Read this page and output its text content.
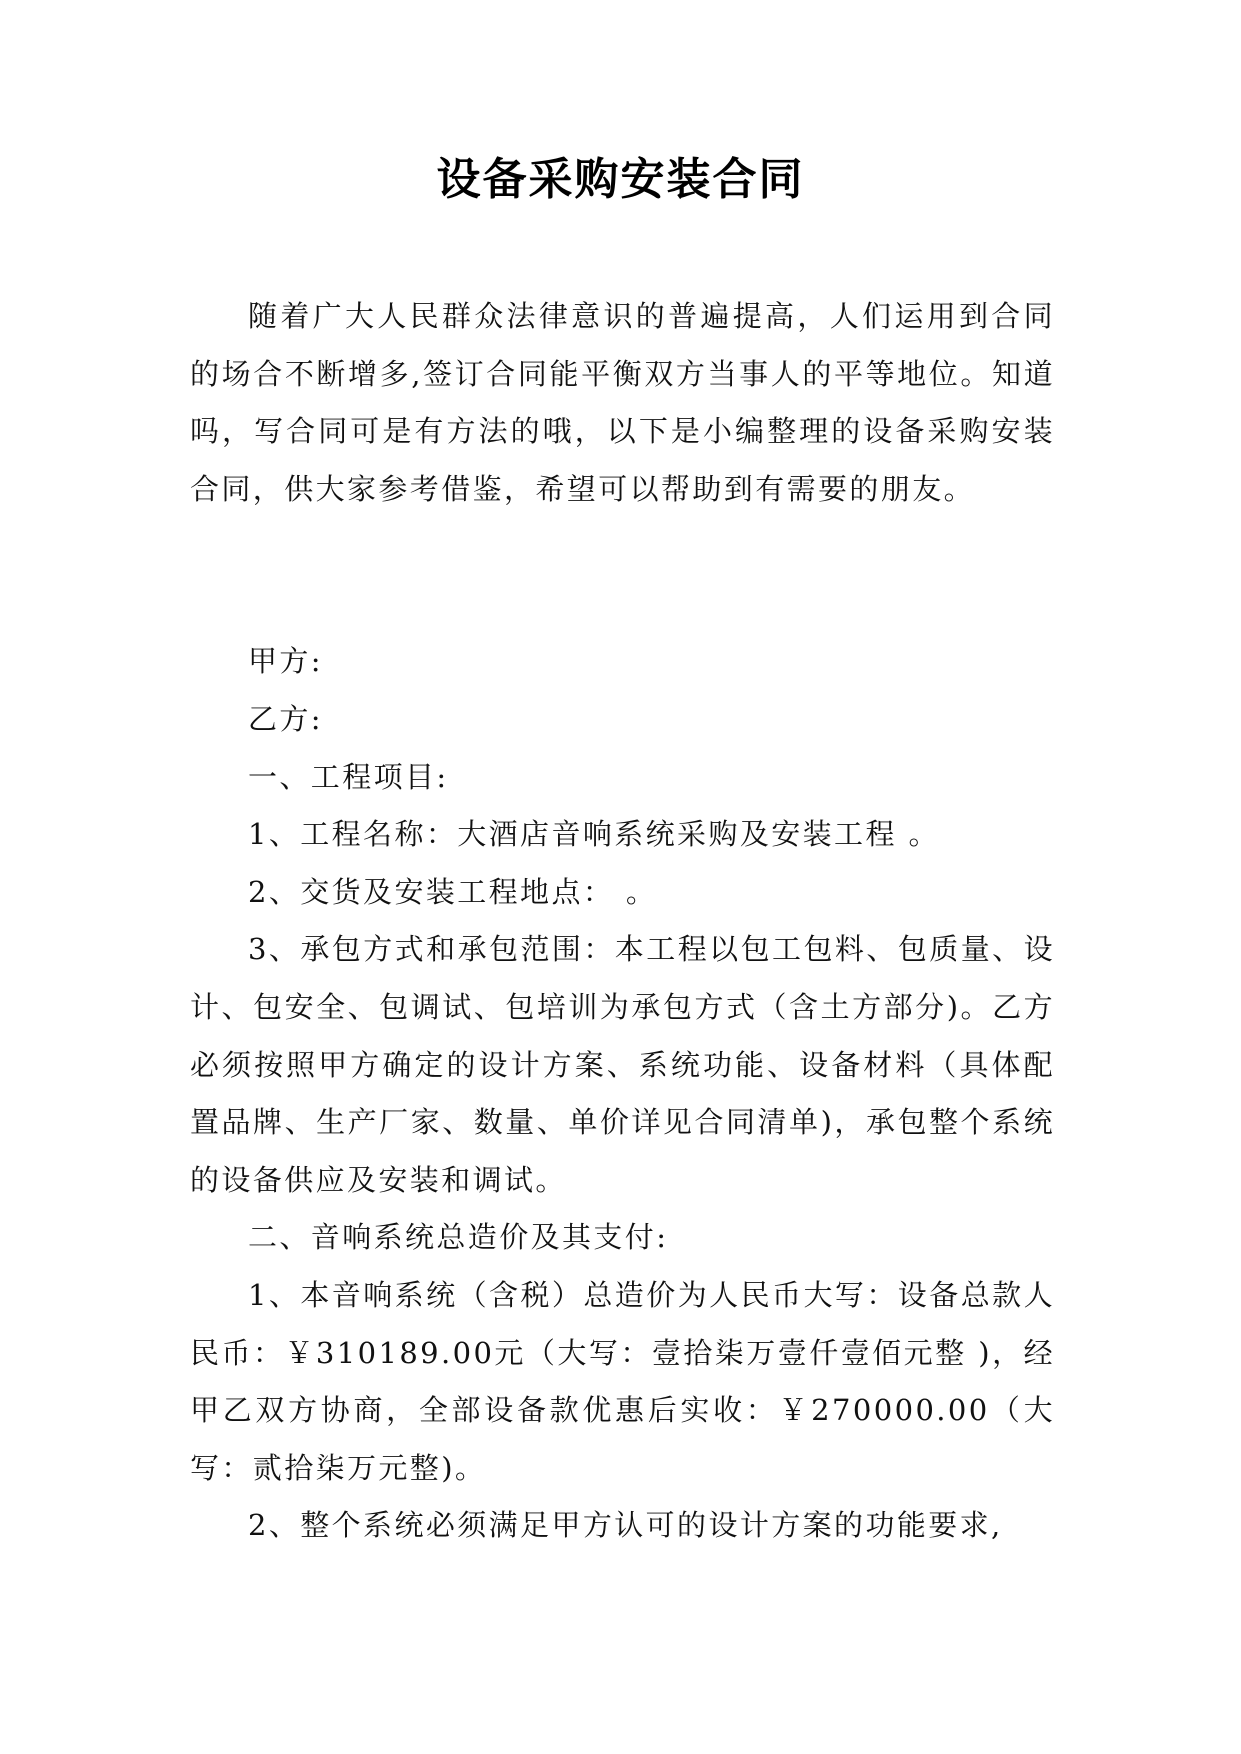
设备采购安装合同

随着广大人民群众法律意识的普遍提高，人们运用到合同的场合不断增多,签订合同能平衡双方当事人的平等地位。知道吗，写合同可是有方法的哦，以下是小编整理的设备采购安装合同，供大家参考借鉴，希望可以帮助到有需要的朋友。

甲方:

乙方:

一、工程项目:

1、工程名称：大酒店音响系统采购及安装工程 。

2、交货及安装工程地点： 。

3、承包方式和承包范围：本工程以包工包料、包质量、设计、包安全、包调试、包培训为承包方式（含土方部分)。乙方必须按照甲方确定的设计方案、系统功能、设备材料（具体配置品牌、生产厂家、数量、单价详见合同清单)，承包整个系统的设备供应及安装和调试。

二、音响系统总造价及其支付:

1、本音响系统（含税）总造价为人民币大写：设备总款人民币：￥310189.00元（大写：壹拾柒万壹仟壹佰元整 )，经甲乙双方协商，全部设备款优惠后实收：￥270000.00（大写：贰拾柒万元整)。

2、整个系统必须满足甲方认可的设计方案的功能要求,
